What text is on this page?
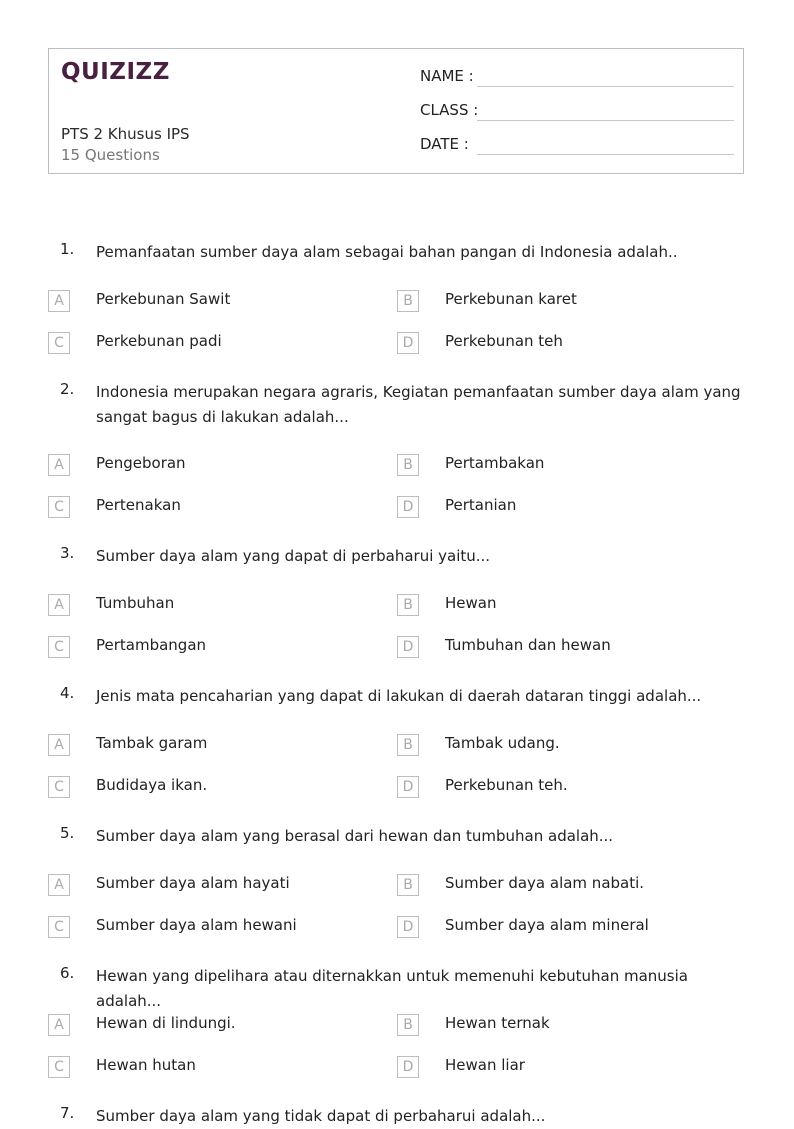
QUIZIZZ
PTS 2 Khusus IPS
15 Questions
NAME :
CLASS :
DATE :
1. Pemanfaatan sumber daya alam sebagai bahan pangan di Indonesia adalah..
A	Perkebunan Sawit	B	Perkebunan karet
C	Perkebunan padi	D	Perkebunan teh
2. Indonesia merupakan negara agraris, Kegiatan pemanfaatan sumber daya alam yang sangat bagus di lakukan adalah...
A	Pengeboran	B	Pertambakan
C	Pertenakan	D	Pertanian
3. Sumber daya alam yang dapat di perbaharui yaitu...
A	Tumbuhan	B	Hewan
C	Pertambangan	D	Tumbuhan dan hewan
4. Jenis mata pencaharian yang dapat di lakukan di daerah dataran tinggi adalah...
A	Tambak garam	B	Tambak udang.
C	Budidaya ikan.	D	Perkebunan teh.
5. Sumber daya alam yang berasal dari hewan dan tumbuhan adalah...
A	Sumber daya alam hayati	B	Sumber daya alam nabati.
C	Sumber daya alam hewani	D	Sumber daya alam mineral
6. Hewan yang dipelihara atau diternakkan untuk memenuhi kebutuhan manusia adalah...
A	Hewan di lindungi.	B	Hewan ternak
C	Hewan hutan	D	Hewan liar
7. Sumber daya alam yang tidak dapat di perbaharui adalah...
